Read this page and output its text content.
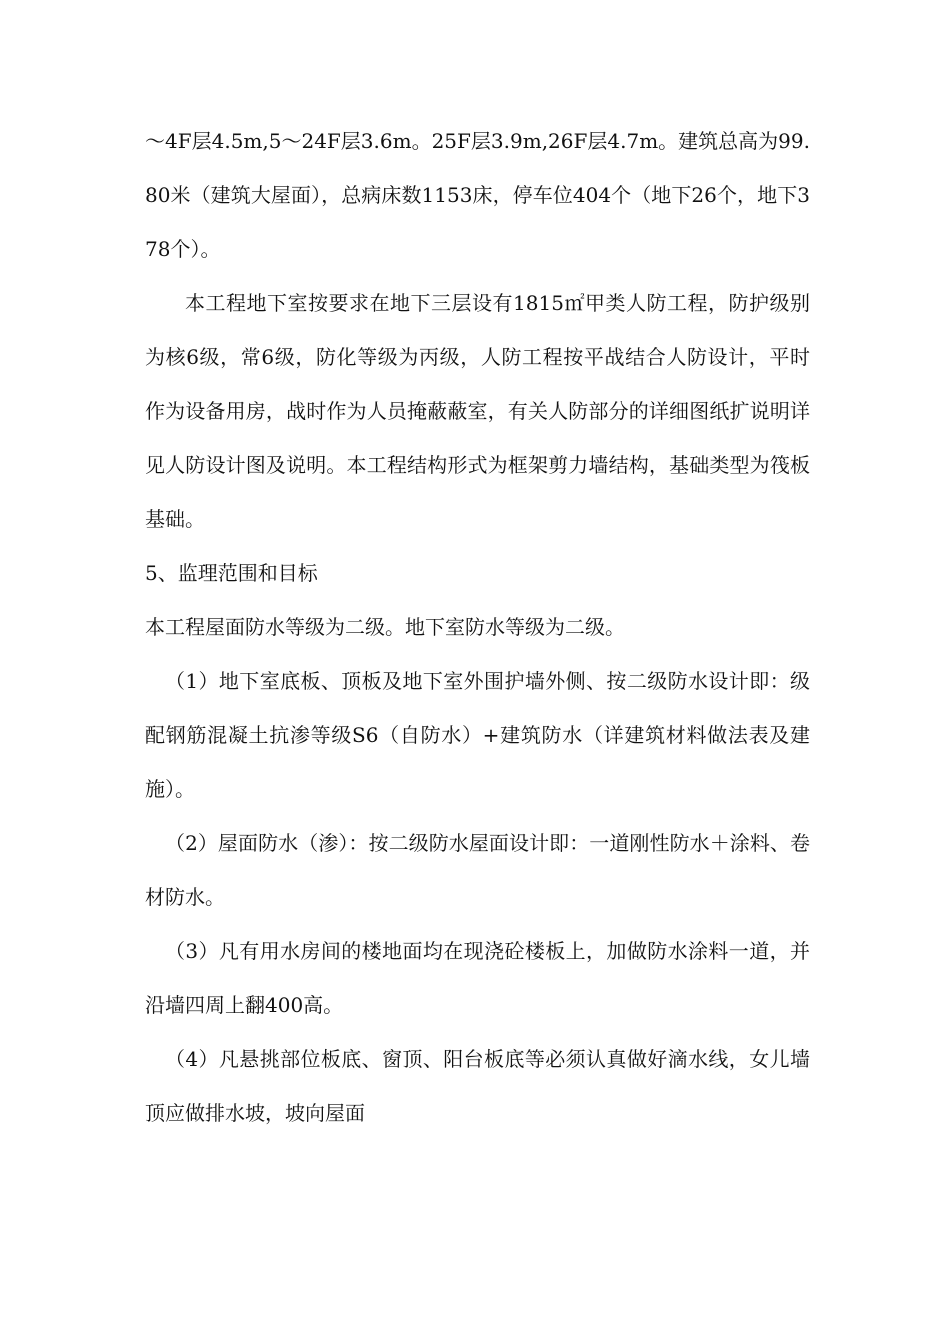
～4F层4.5m,5～24F层3.6m。25F层3.9m,26F层4.7m。建筑总高为99.80米（建筑大屋面），总病床数1153床，停车位404个（地下26个，地下378个）。

本工程地下室按要求在地下三层设有1815㎡甲类人防工程，防护级别为核6级，常6级，防化等级为丙级，人防工程按平战结合人防设计，平时作为设备用房，战时作为人员掩蔽蔽室，有关人防部分的详细图纸扩说明详见人防设计图及说明。本工程结构形式为框架剪力墙结构，基础类型为筏板基础。

5、监理范围和目标

本工程屋面防水等级为二级。地下室防水等级为二级。

（1）地下室底板、顶板及地下室外围护墙外侧、按二级防水设计即：级配钢筋混凝土抗渗等级S6（自防水）+建筑防水（详建筑材料做法表及建施）。

（2）屋面防水（渗）：按二级防水屋面设计即：一道刚性防水＋涂料、卷材防水。

（3）凡有用水房间的楼地面均在现浇砼楼板上，加做防水涂料一道，并沿墙四周上翻400高。

（4）凡悬挑部位板底、窗顶、阳台板底等必须认真做好滴水线，女儿墙顶应做排水坡，坡向屋面
